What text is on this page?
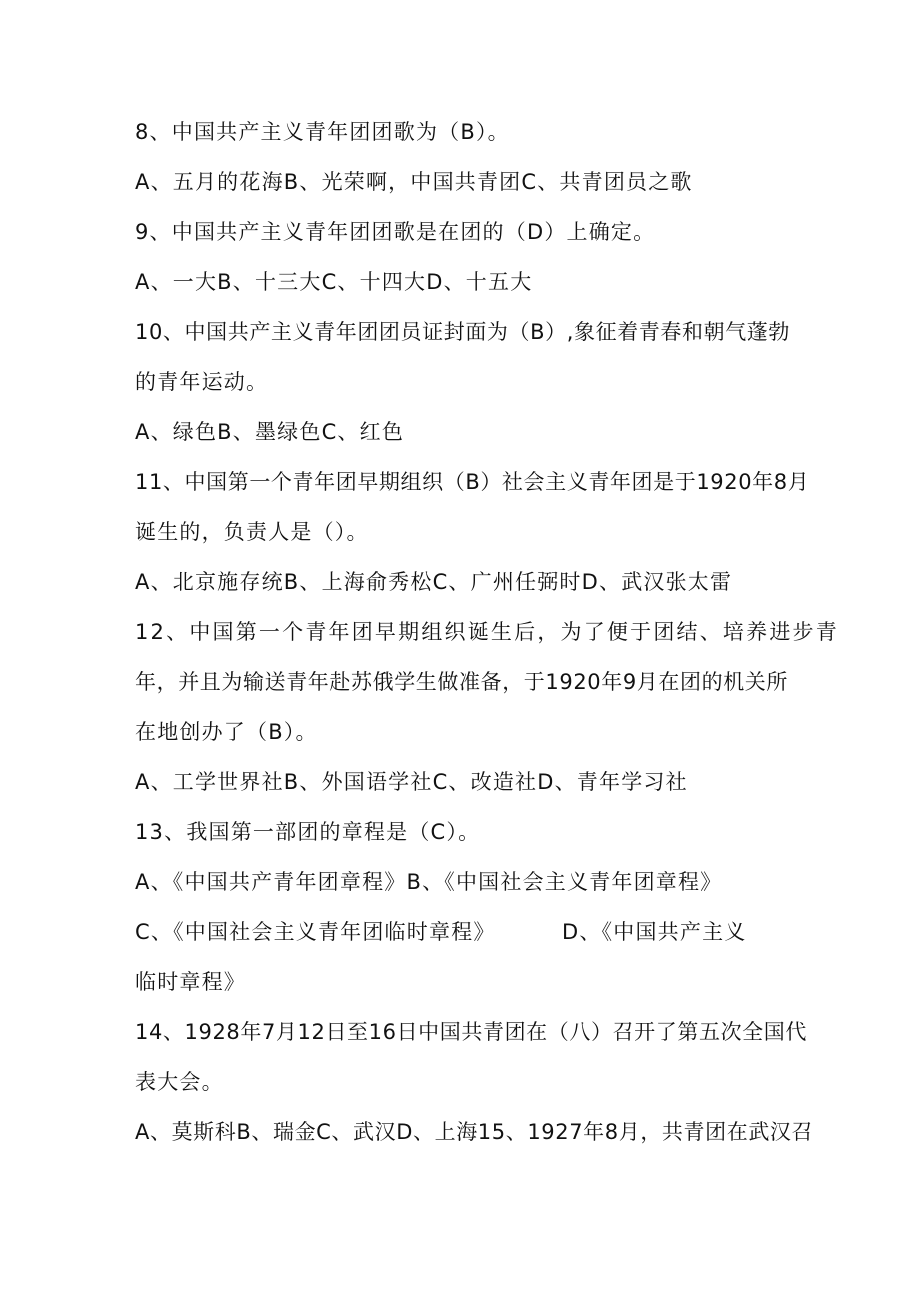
8、中国共产主义青年团团歌为（B）。
A、五月的花海B、光荣啊，中国共青团C、共青团员之歌
9、中国共产主义青年团团歌是在团的（D）上确定。
A、一大B、十三大C、十四大D、十五大
10、中国共产主义青年团团员证封面为（B）,象征着青春和朝气蓬勃
的青年运动。
A、绿色B、墨绿色C、红色
11、中国第一个青年团早期组织（B）社会主义青年团是于1920年8月
诞生的，负责人是（）。
A、北京施存统B、上海俞秀松C、广州任弼时D、武汉张太雷
12、中国第一个青年团早期组织诞生后，为了便于团结、培养进步青
年，并且为输送青年赴苏俄学生做准备，于1920年9月在团的机关所
在地创办了（B）。
A、工学世界社B、外国语学社C、改造社D、青年学习社
13、我国第一部团的章程是（C）。
A、《中国共产青年团章程》B、《中国社会主义青年团章程》
C、《中国社会主义青年团临时章程》	D、《中国共产主义
临时章程》
14、1928年7月12日至16日中国共青团在（八）召开了第五次全国代
表大会。
A、莫斯科B、瑞金C、武汉D、上海15、1927年8月，共青团在武汉召
